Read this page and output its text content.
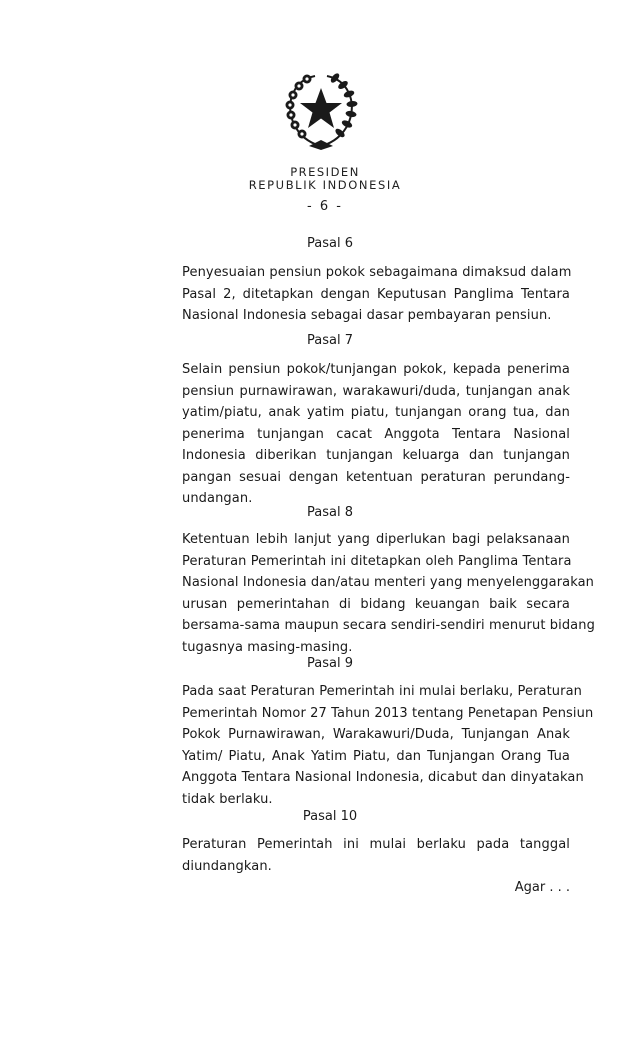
PRESIDEN
REPUBLIK INDONESIA
- 6 -
Pasal 6
Penyesuaian pensiun pokok sebagaimana dimaksud dalam
Pasal 2, ditetapkan dengan Keputusan Panglima Tentara
Nasional Indonesia sebagai dasar pembayaran pensiun.
Pasal 7
Selain pensiun pokok/tunjangan pokok, kepada penerima
pensiun purnawirawan, warakawuri/duda, tunjangan anak
yatim/piatu, anak yatim piatu, tunjangan orang tua, dan
penerima tunjangan cacat Anggota Tentara Nasional
Indonesia diberikan tunjangan keluarga dan tunjangan
pangan sesuai dengan ketentuan peraturan perundang-
undangan.
Pasal 8
Ketentuan lebih lanjut yang diperlukan bagi pelaksanaan
Peraturan Pemerintah ini ditetapkan oleh Panglima Tentara
Nasional Indonesia dan/atau menteri yang menyelenggarakan
urusan pemerintahan di bidang keuangan baik secara
bersama-sama maupun secara sendiri-sendiri menurut bidang
tugasnya masing-masing.
Pasal 9
Pada saat Peraturan Pemerintah ini mulai berlaku, Peraturan
Pemerintah Nomor 27 Tahun 2013 tentang Penetapan Pensiun
Pokok Purnawirawan, Warakawuri/Duda, Tunjangan Anak
Yatim/ Piatu, Anak Yatim Piatu, dan Tunjangan Orang Tua
Anggota Tentara Nasional Indonesia, dicabut dan dinyatakan
tidak berlaku.
Pasal 10
Peraturan Pemerintah ini mulai berlaku pada tanggal
diundangkan.
Agar . . .
